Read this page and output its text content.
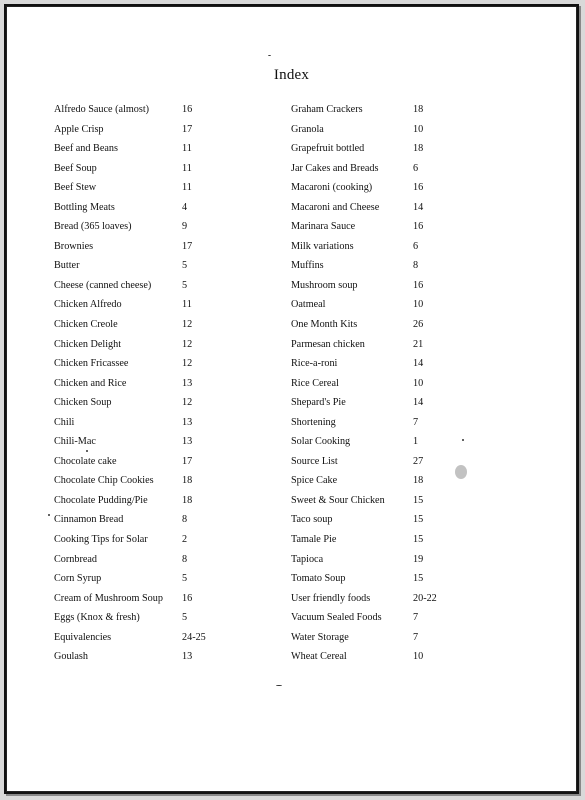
Index
Alfredo Sauce (almost)	16
Apple Crisp	17
Beef and Beans	11
Beef Soup	11
Beef Stew	11
Bottling Meats	4
Bread (365 loaves)	9
Brownies	17
Butter	5
Cheese (canned cheese)	5
Chicken Alfredo	11
Chicken Creole	12
Chicken Delight	12
Chicken Fricassee	12
Chicken and Rice	13
Chicken Soup	12
Chili	13
Chili-Mac	13
Chocolate cake	17
Chocolate Chip Cookies	18
Chocolate Pudding/Pie	18
Cinnamon Bread	8
Cooking Tips for Solar	2
Cornbread	8
Corn Syrup	5
Cream of Mushroom Soup 16
Eggs (Knox & fresh)	5
Equivalencies	24-25
Goulash	13
Graham Crackers	18
Granola	10
Grapefruit bottled	18
Jar Cakes and Breads	6
Macaroni (cooking)	16
Macaroni and Cheese	14
Marinara Sauce	16
Milk variations	6
Muffins	8
Mushroom soup	16
Oatmeal	10
One Month Kits	26
Parmesan chicken	21
Rice-a-roni	14
Rice Cereal	10
Shepard's Pie	14
Shortening	7
Solar Cooking	1
Source List	27
Spice Cake	18
Sweet & Sour Chicken	15
Taco soup	15
Tamale Pie	15
Tapioca	19
Tomato Soup	15
User friendly foods	20-22
Vacuum Sealed Foods	7
Water Storage	7
Wheat Cereal	10
